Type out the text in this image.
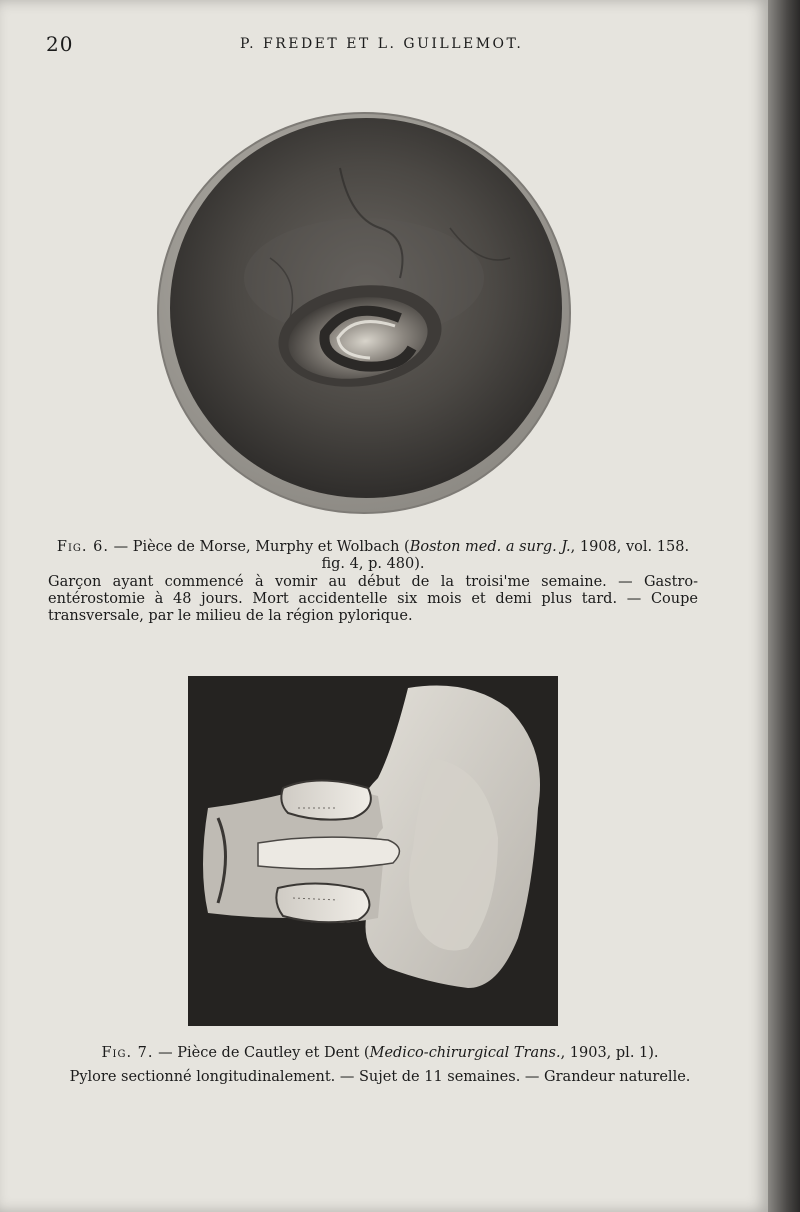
20	P. FREDET ET L. GUILLEMOT.
Fig. 6. — Pièce de Morse, Murphy et Wolbach (Boston med. a surg. J., 1908, vol. 158.
fig. 4, p. 480).
Garçon ayant commencé à vomir au début de la troisi'me semaine. — Gastro-entérostomie à 48 jours. Mort accidentelle six mois et demi plus tard. — Coupe transversale, par le milieu de la région pylorique.
Fig. 7. — Pièce de Cautley et Dent (Medico-chirurgical Trans., 1903, pl. 1).
Pylore sectionné longitudinalement. — Sujet de 11 semaines. — Grandeur naturelle.
